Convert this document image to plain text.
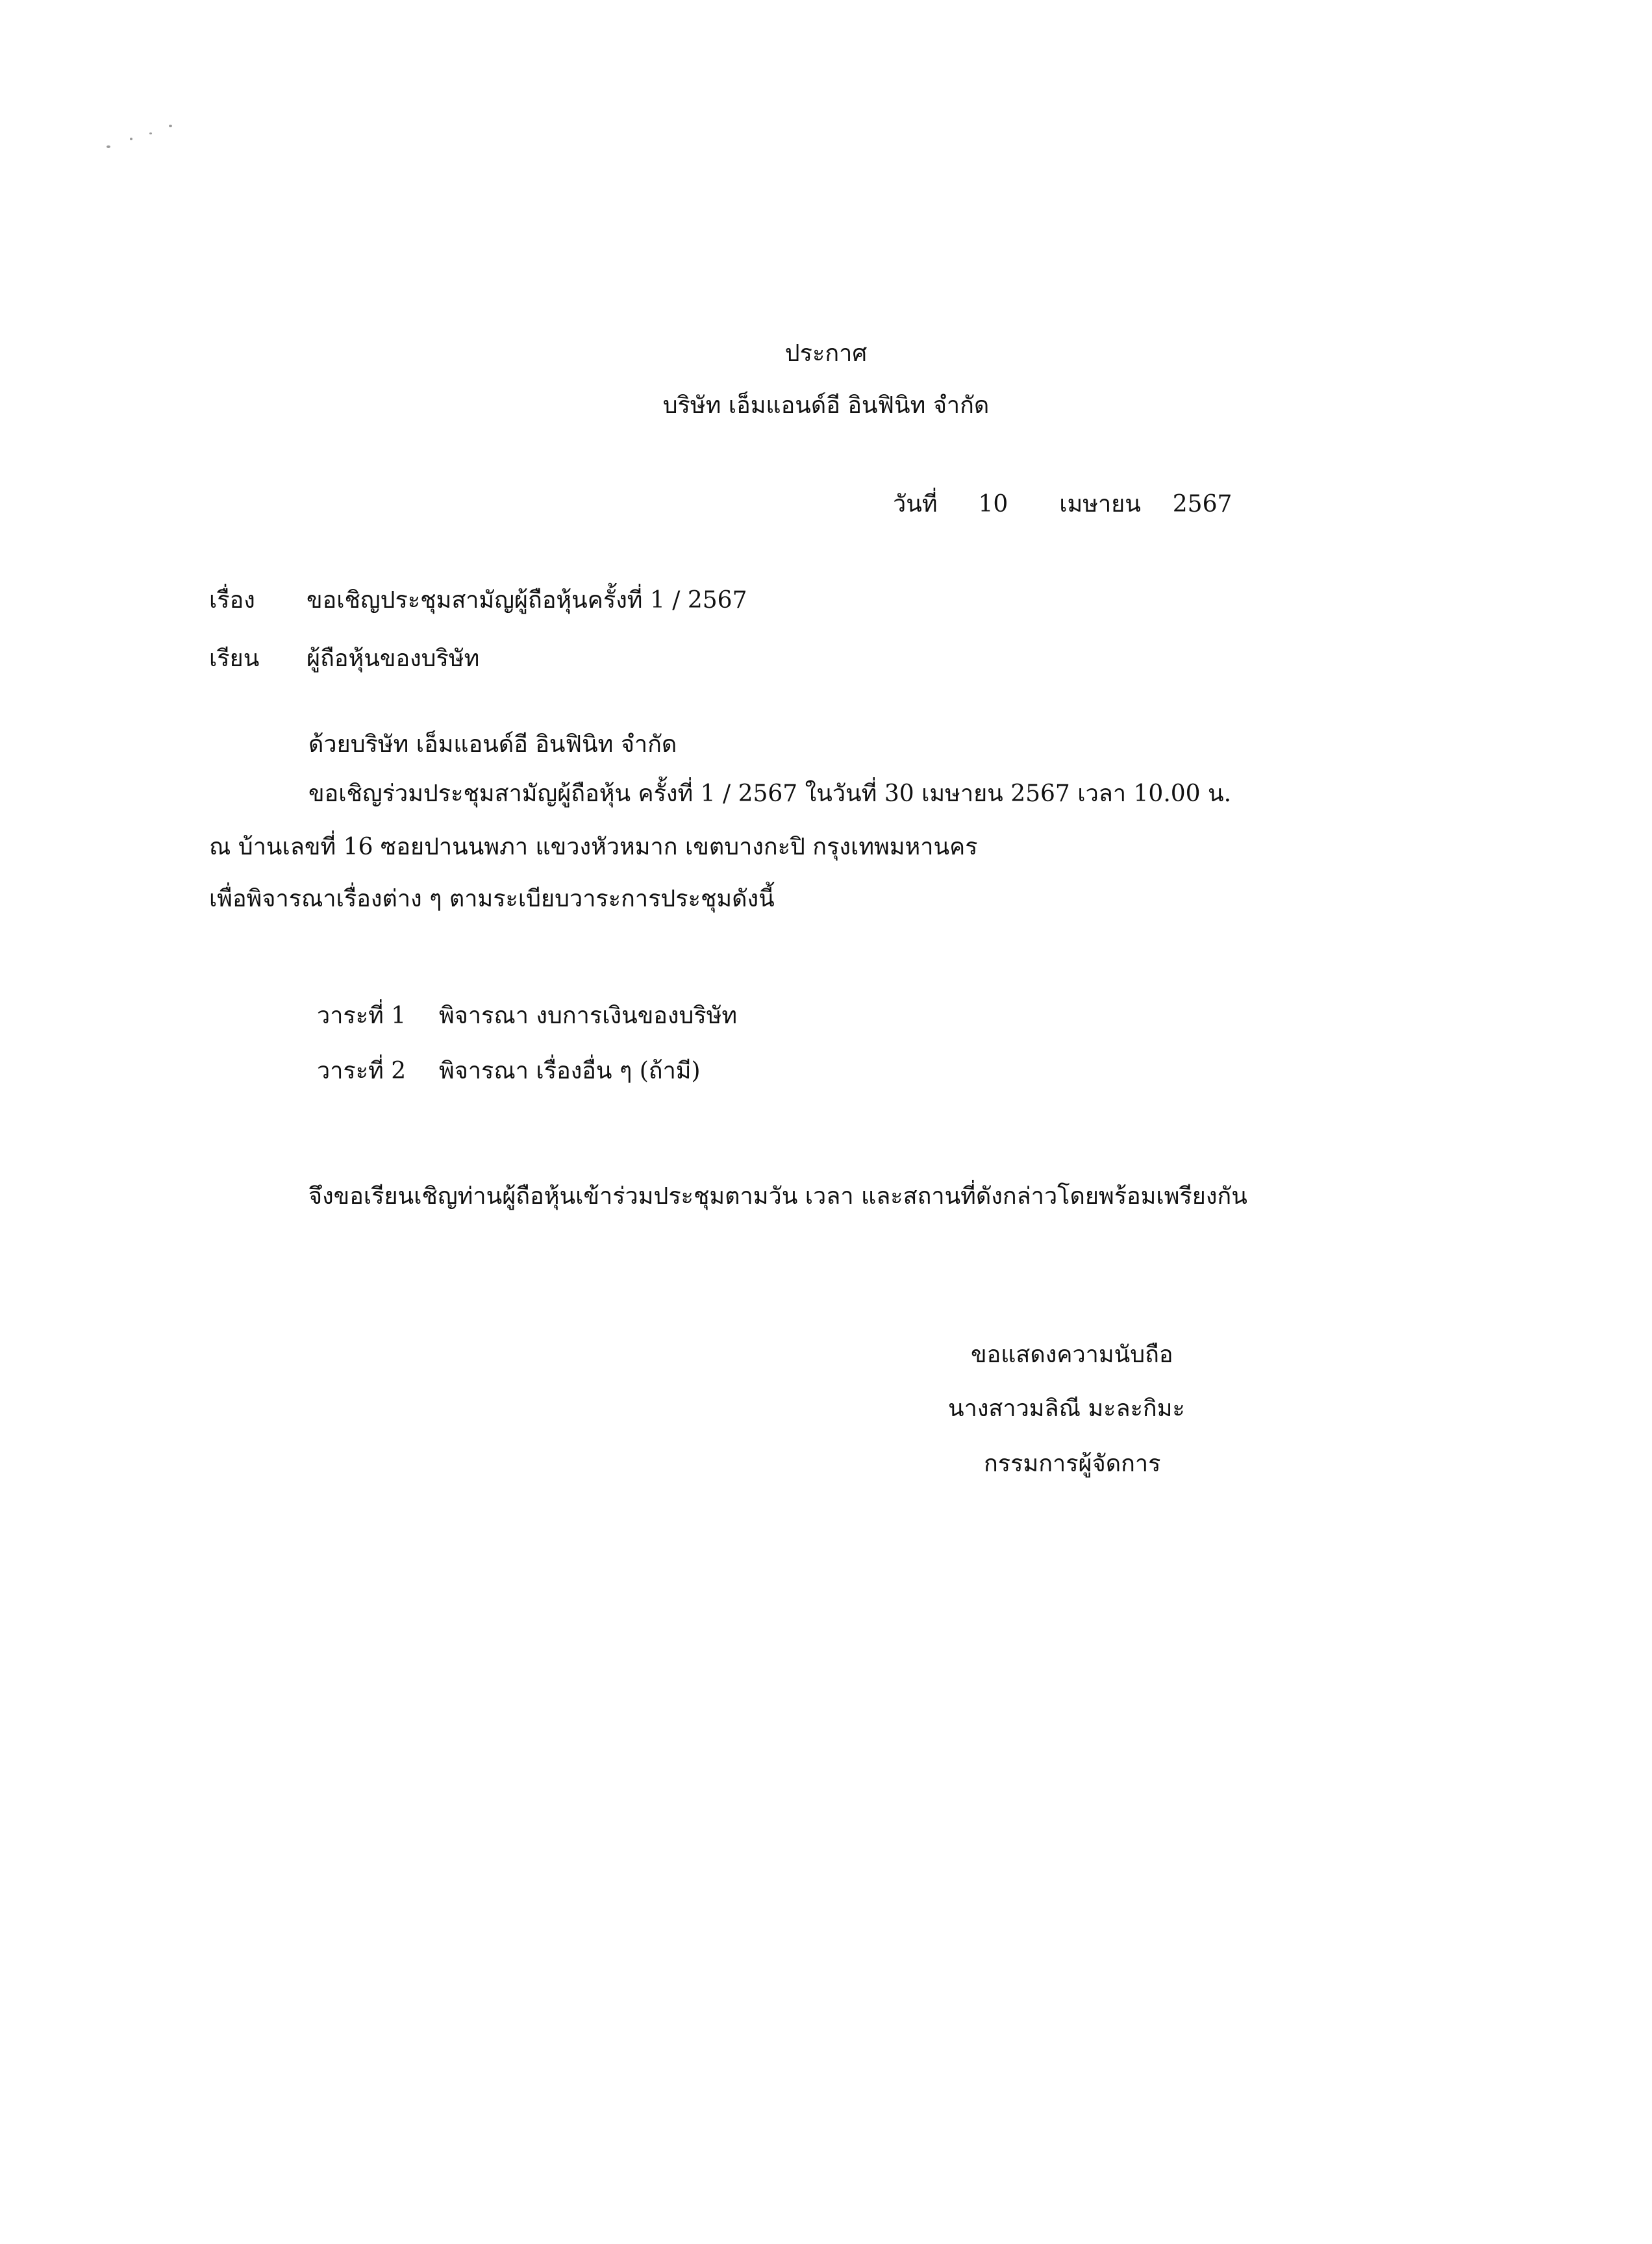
ประกาศ
บริษัท เอ็มแอนด์อี อินฟินิท จำกัด
วันที่ 10 เมษายน 2567
เรื่อง ขอเชิญประชุมสามัญผู้ถือหุ้นครั้งที่ 1 / 2567
เรียน ผู้ถือหุ้นของบริษัท
ด้วยบริษัท เอ็มแอนด์อี อินฟินิท จำกัด
ขอเชิญร่วมประชุมสามัญผู้ถือหุ้น ครั้งที่ 1 / 2567 ในวันที่ 30 เมษายน 2567 เวลา 10.00 น.
ณ บ้านเลขที่ 16 ซอยปานนพภา แขวงหัวหมาก เขตบางกะปิ กรุงเทพมหานคร
เพื่อพิจารณาเรื่องต่าง ๆ ตามระเบียบวาระการประชุมดังนี้
วาระที่ 1 พิจารณา งบการเงินของบริษัท
วาระที่ 2 พิจารณา เรื่องอื่น ๆ (ถ้ามี)
จึงขอเรียนเชิญท่านผู้ถือหุ้นเข้าร่วมประชุมตามวัน เวลา และสถานที่ดังกล่าวโดยพร้อมเพรียงกัน
ขอแสดงความนับถือ
นางสาวมลิณี มะละกิมะ
กรรมการผู้จัดการ
